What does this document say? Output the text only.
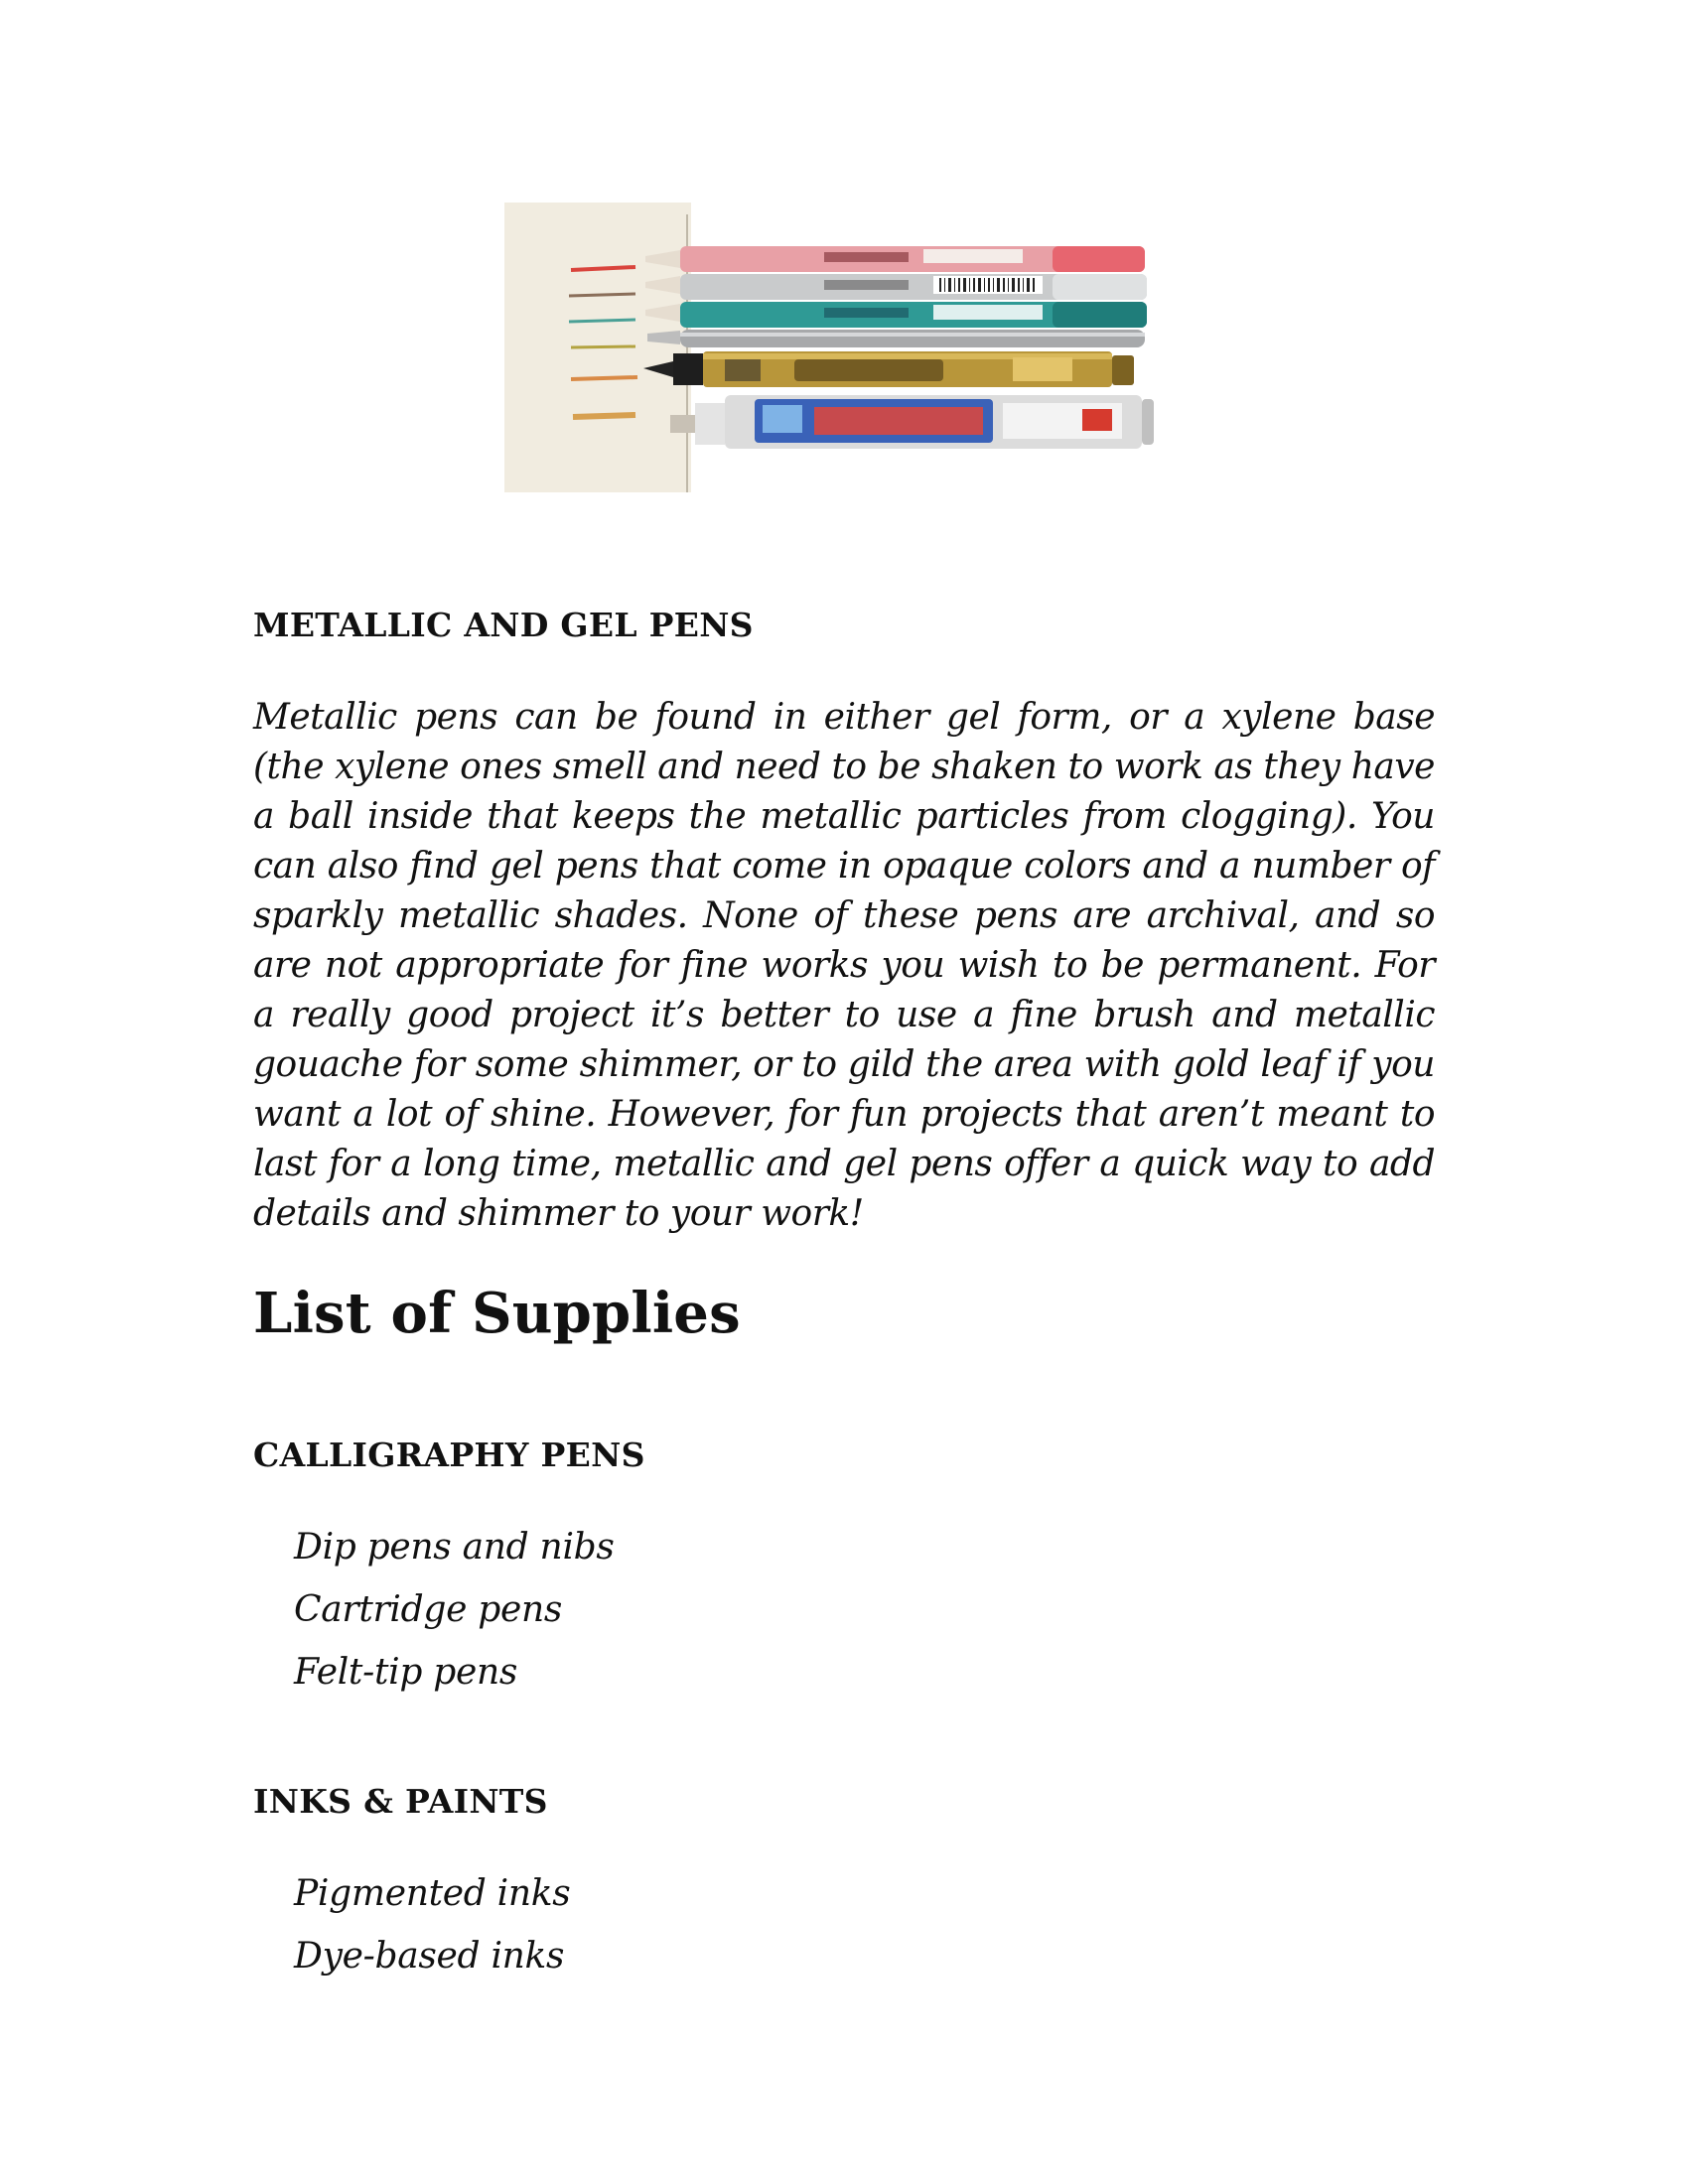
METALLIC AND GEL PENS

Metallic pens can be found in either gel form, or a xylene base (the xylene ones smell and need to be shaken to work as they have a ball inside that keeps the metallic particles from clogging). You can also find gel pens that come in opaque colors and a number of sparkly metallic shades. None of these pens are archival, and so are not appropriate for fine works you wish to be permanent. For a really good project it’s better to use a fine brush and metallic gouache for some shimmer, or to gild the area with gold leaf if you want a lot of shine. However, for fun projects that aren’t meant to last for a long time, metallic and gel pens offer a quick way to add details and shimmer to your work!

List of Supplies
CALLIGRAPHY PENS
Dip pens and nibs
Cartridge pens
Felt-tip pens
INKS & PAINTS
Pigmented inks
Dye-based inks
